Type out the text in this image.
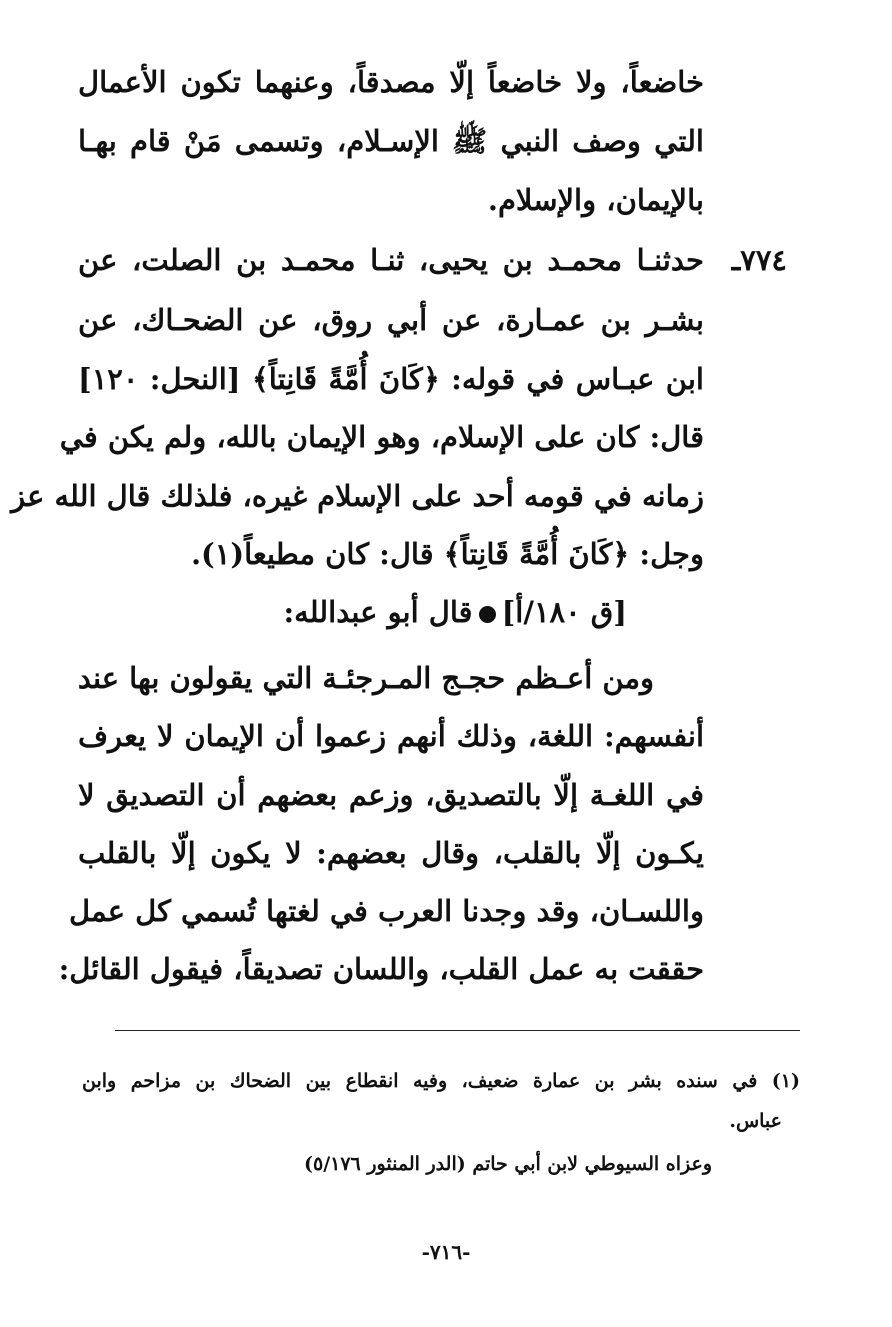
خاضعاً، ولا خاضعاً إلّا مصدقاً، وعنهما تكون الأعمال
التي وصف النبي ﷺ الإسـلام، وتسمى مَنْ قام بهـا
بالإيمان، والإسلام.
٧٧٤ـ
حدثنـا محمـد بن يحيى، ثنـا محمـد بن الصلت، عن
بشـر بن عمـارة، عن أبي روق، عن الضحـاك، عن
ابن عبـاس في قوله: ﴿كَانَ أُمَّةً قَانِتاً﴾ [النحل: ١٢٠]
قال: كان على الإسلام، وهو الإيمان بالله، ولم يكن في
زمانه في قومه أحد على الإسلام غيره، فلذلك قال الله عز
وجل: ﴿كَانَ أُمَّةً قَانِتاً﴾ قال: كان مطيعاً(١).
[ق ١٨٠/أ]قال أبو عبدالله:
ومن أعـظم حجـج المـرجئـة التي يقولون بها عند
أنفسهم: اللغة، وذلك أنهم زعموا أن الإيمان لا يعرف
في اللغـة إلّا بالتصديق، وزعم بعضهم أن التصديق لا
يكـون إلّا بالقلب، وقال بعضهم: لا يكون إلّا بالقلب
واللسـان، وقد وجدنا العرب في لغتها تُسمي كل عمل
حققت به عمل القلب، واللسان تصديقاً، فيقول القائل:
(١) في سنده بشر بن عمارة ضعيف، وفيه انقطاع بين الضحاك بن مزاحم وابن
عباس.
وعزاه السيوطي لابن أبي حاتم (الدر المنثور ٥/١٧٦)
-٧١٦-
